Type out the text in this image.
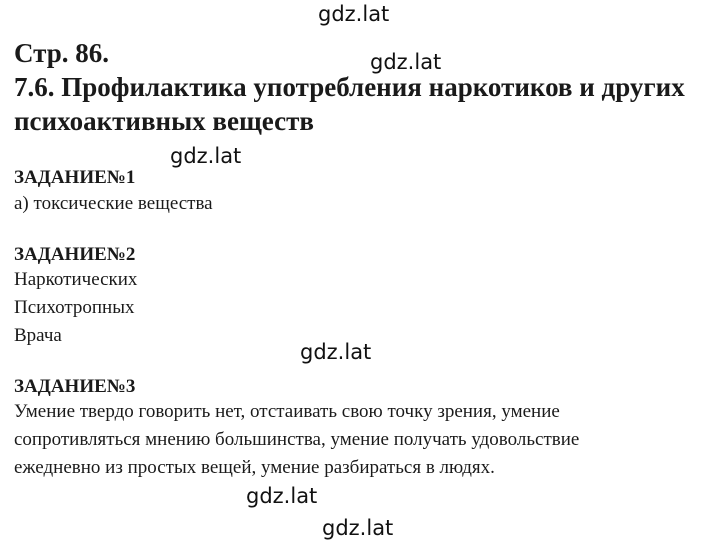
gdz.lat
gdz.lat
gdz.lat
gdz.lat
gdz.lat
gdz.lat
Стр. 86.
7.6. Профилактика употребления наркотиков и других
психоактивных веществ
ЗАДАНИЕ№1
а) токсические вещества
ЗАДАНИЕ№2
Наркотических
Психотропных
Врача
ЗАДАНИЕ№3
Умение твердо говорить нет, отстаивать свою точку зрения, умение
сопротивляться мнению большинства, умение получать удовольствие
ежедневно из простых вещей, умение разбираться в людях.
